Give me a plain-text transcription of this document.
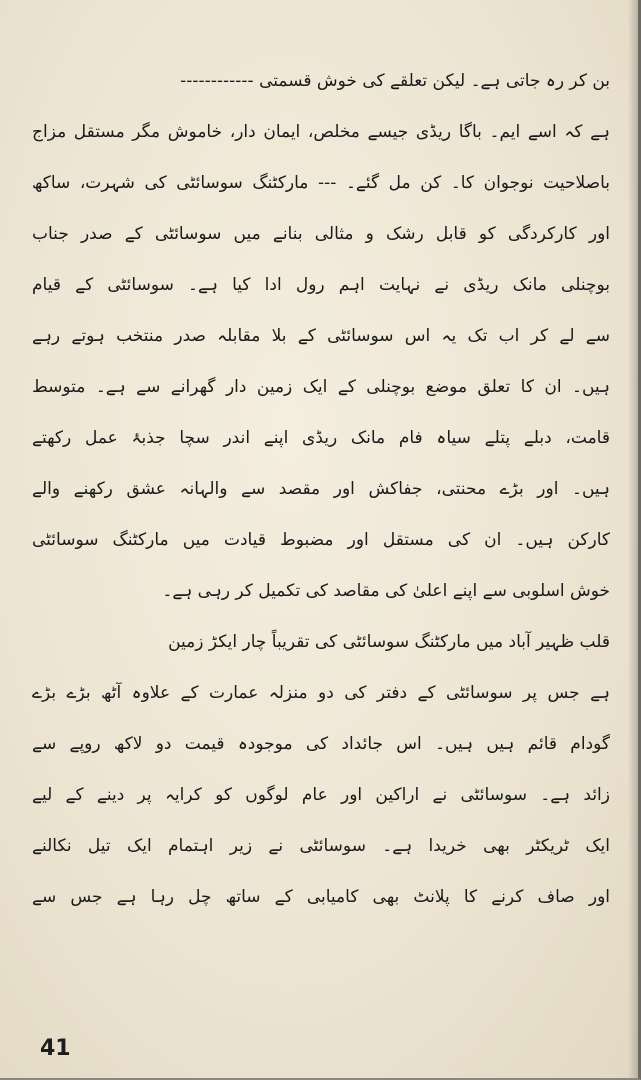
بن کر رہ جاتی ہے۔ لیکن تعلقے کی خوش قسمتی ------------
ہے کہ اسے ایم۔ باگا ریڈی جیسے مخلص، ایمان دار، خاموش مگر مستقل مزاج
باصلاحیت نوجوان کا۔ کن مل گئے۔ --- مارکٹنگ سوسائٹی کی شہرت، ساکھ
اور کارکردگی کو قابل رشک و مثالی بنانے میں سوسائٹی کے صدر جناب
بوچنلی مانک ریڈی نے نہایت اہم رول ادا کیا ہے۔ سوسائٹی کے قیام
سے لے کر اب تک یہ اس سوسائٹی کے بلا مقابلہ صدر منتخب ہوتے رہے
ہیں۔ ان کا تعلق موضع بوچنلی کے ایک زمین دار گھرانے سے ہے۔ متوسط
قامت، دبلے پتلے سیاہ فام مانک ریڈی اپنے اندر سچا جذبۂ عمل رکھتے
ہیں۔ اور بڑے محنتی، جفاکش اور مقصد سے والہانہ عشق رکھنے والے
کارکن ہیں۔ ان کی مستقل اور مضبوط قیادت میں مارکٹنگ سوسائٹی
خوش اسلوبی سے اپنے اعلیٰ کی مقاصد کی تکمیل کر رہی ہے۔
قلب ظہیر آباد میں مارکٹنگ سوسائٹی کی تقریباً چار ایکڑ زمین
ہے جس پر سوسائٹی کے دفتر کی دو منزلہ عمارت کے علاوہ آٹھ بڑے بڑے
گودام قائم ہیں ہیں۔ اس جائداد کی موجودہ قیمت دو لاکھ روپے سے
زائد ہے۔ سوسائٹی نے اراکین اور عام لوگوں کو کرایہ پر دینے کے لیے
ایک ٹریکٹر بھی خریدا ہے۔ سوسائٹی نے زیر اہتمام ایک تیل نکالنے
اور صاف کرنے کا پلانٹ بھی کامیابی کے ساتھ چل رہا ہے جس سے
41
